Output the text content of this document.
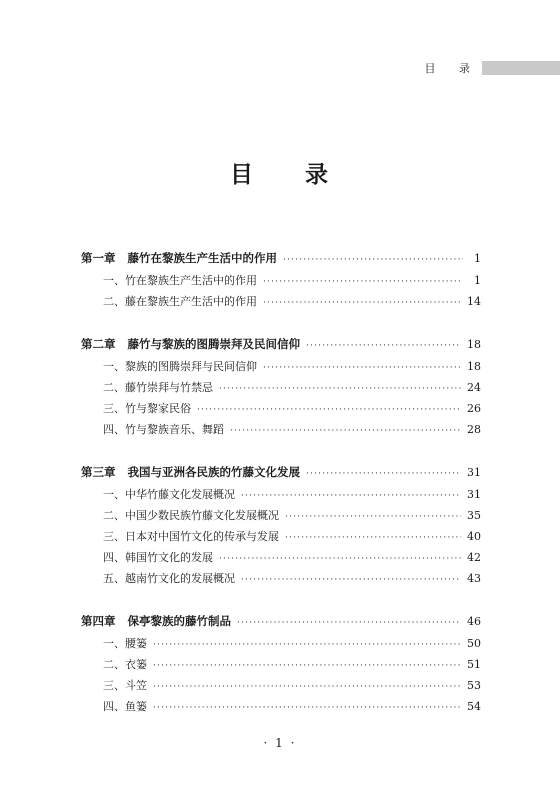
目 录
目 录
第一章 藤竹在黎族生产生活中的作用 ·····	1
一、竹在黎族生产生活中的作用 ·····	1
二、藤在黎族生产生活中的作用 ·····	14
第二章 藤竹与黎族的图腾崇拜及民间信仰 ·····	18
一、黎族的图腾崇拜与民间信仰 ·····	18
二、藤竹崇拜与竹禁忌 ·····	24
三、竹与黎家民俗 ·····	26
四、竹与黎族音乐、舞蹈 ·····	28
第三章 我国与亚洲各民族的竹藤文化发展 ·····	31
一、中华竹藤文化发展概况 ·····	31
二、中国少数民族竹藤文化发展概况 ·····	35
三、日本对中国竹文化的传承与发展 ·····	40
四、韩国竹文化的发展 ·····	42
五、越南竹文化的发展概况 ·····	43
第四章 保亭黎族的藤竹制品 ·····	46
一、腰篓 ·····	50
二、衣篓 ·····	51
三、斗笠 ·····	53
四、鱼篓 ·····	54
· 1 ·
